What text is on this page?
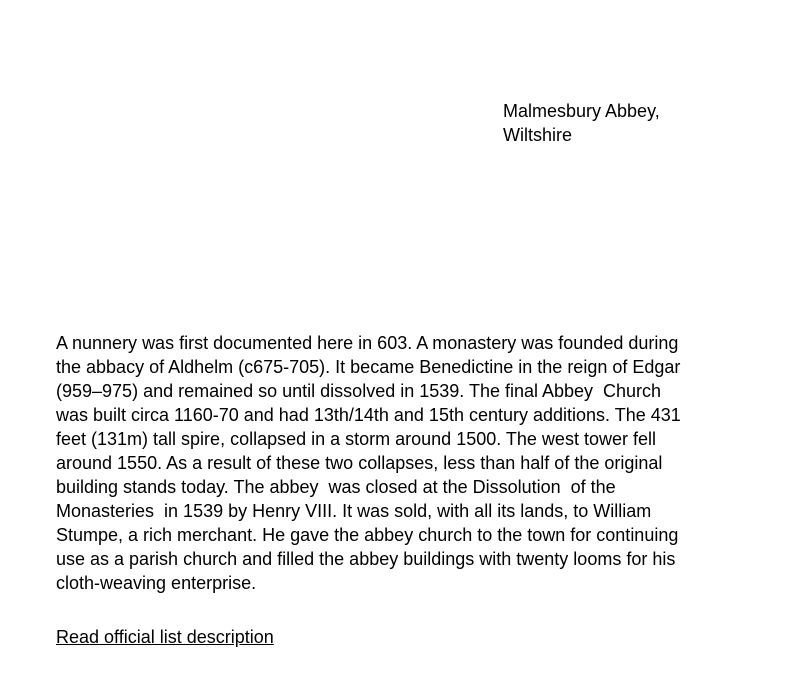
Malmesbury Abbey,
Wiltshire
A nunnery was first documented here in 603. A monastery was founded during
the abbacy of Aldhelm (c675-705). It became Benedictine in the reign of Edgar
(959–975) and remained so until dissolved in 1539. The final Abbey  Church
was built circa 1160-70 and had 13th/14th and 15th century additions. The 431
feet (131m) tall spire, collapsed in a storm around 1500. The west tower fell
around 1550. As a result of these two collapses, less than half of the original
building stands today. The abbey  was closed at the Dissolution  of the
Monasteries  in 1539 by Henry VIII. It was sold, with all its lands, to William
Stumpe, a rich merchant. He gave the abbey church to the town for continuing
use as a parish church and filled the abbey buildings with twenty looms for his
cloth-weaving enterprise.
Read official list description
